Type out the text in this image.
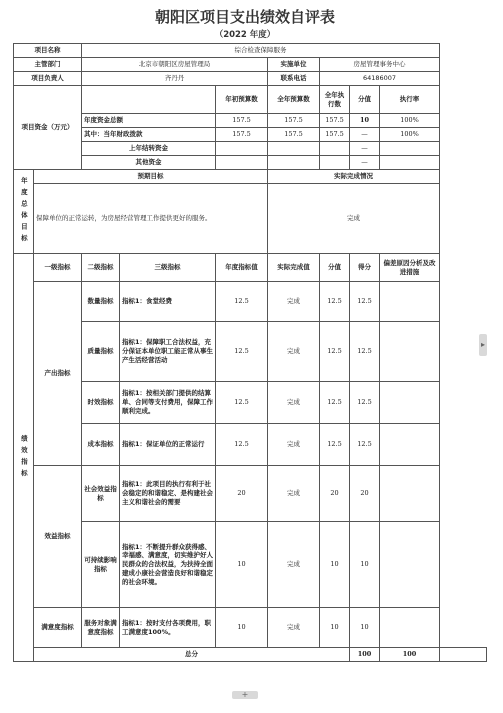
朝阳区项目支出绩效自评表
（2022 年度）
项目名称		综合检查保障服务							
主管部门		北京市朝阳区房屋管理局			实施单位	房屋管理事务中心			
项目负责人		齐丹丹			联系电话	64186007			
项目资金（万元）				年初预算数	全年预算数	全年执行数	分值	执行率	
		年度资金总额		157.5	157.5	157.5	10	100%	
		其中：当年财政拨款		157.5	157.5	157.5	—	100%	
		上年结转资金					—		
		其他资金					—		
年度总体目标	预期目标				实际完成情况				
	保障单位的正常运转，为房屋经营管理工作提供更好的服务。				完成				
绩效指标	一级指标	二级指标	三级指标	年度指标值	实际完成值	分值	得分	偏差原因分析及改进措施	
	产出指标	数量指标	指标1：食堂经费	12.5	完成	12.5	12.5		
		质量指标	指标1：保障职工合法权益，充分保证本单位职工能正常从事生产生活经营活动	12.5	完成	12.5	12.5		
		时效指标	指标1：按相关部门提供的结算单、合同等支付费用，保障工作顺利完成。	12.5	完成	12.5	12.5		
		成本指标	指标1：保证单位的正常运行	12.5	完成	12.5	12.5		
	效益指标	社会效益指标	指标1：此项目的执行有利于社会稳定的和谐稳定、是构建社会主义和谐社会的需要	20	完成	20	20		
		可持续影响指标	指标1：不断提升群众获得感、幸福感、满意度，切实维护好人民群众的合法权益，为扶持全面建成小康社会营造良好和谐稳定的社会环境。	10	完成	10	10		
	满意度指标	服务对象满意度指标	指标1：按时支付各项费用，职工满意度100%。	10	完成	10	10		
	总分						100	100	
▸
+
